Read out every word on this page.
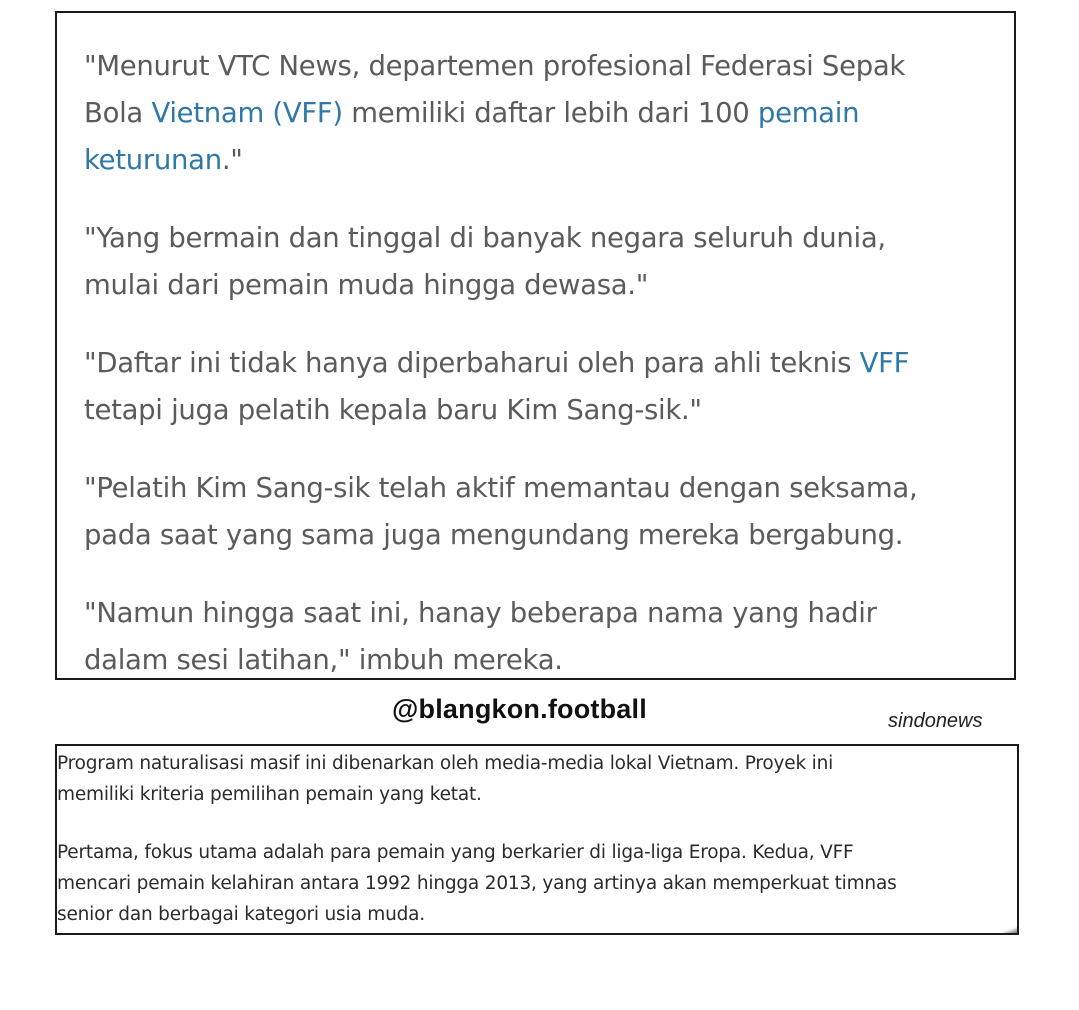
"Menurut VTC News, departemen profesional Federasi Sepak
Bola Vietnam (VFF) memiliki daftar lebih dari 100 pemain
keturunan."

"Yang bermain dan tinggal di banyak negara seluruh dunia,
mulai dari pemain muda hingga dewasa."

"Daftar ini tidak hanya diperbaharui oleh para ahli teknis VFF
tetapi juga pelatih kepala baru Kim Sang-sik."

"Pelatih Kim Sang-sik telah aktif memantau dengan seksama,
pada saat yang sama juga mengundang mereka bergabung.

"Namun hingga saat ini, hanay beberapa nama yang hadir
dalam sesi latihan," imbuh mereka.

@blangkon.football	sindonews

Program naturalisasi masif ini dibenarkan oleh media-media lokal Vietnam. Proyek ini
memiliki kriteria pemilihan pemain yang ketat.

Pertama, fokus utama adalah para pemain yang berkarier di liga-liga Eropa. Kedua, VFF
mencari pemain kelahiran antara 1992 hingga 2013, yang artinya akan memperkuat timnas
senior dan berbagai kategori usia muda.
